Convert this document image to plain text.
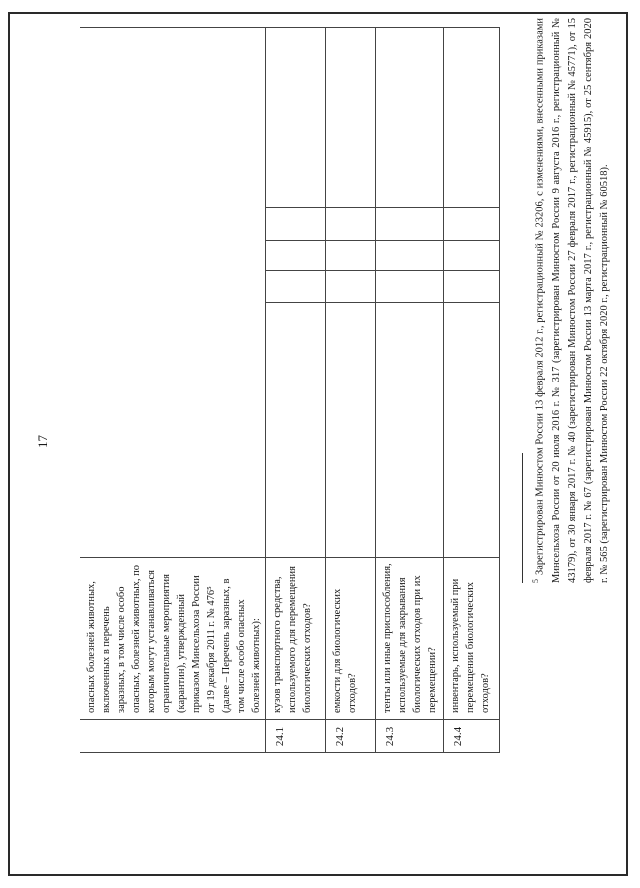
17
опасных болезней животных, включенных в перечень заразных, в том числе особо опасных, болезней животных, по которым могут устанавливаться ограничительные мероприятия (карантин), утвержденный приказом Минсельхоза России от 19 декабря 2011 г. № 476⁵ (далее – Перечень заразных, в том числе особо опасных болезней животных):
24.1
кузов транспортного средства, используемого для перемещения биологических отходов?
24.2
емкости для биологических отходов?
24.3
тенты или иные приспособления, используемые для закрывания биологических отходов при их перемещении?
24.4
инвентарь, используемый при перемещении биологических отходов?
$^5$Зарегистрирован Минюстом России 13 февраля 2012 г., регистрационный № 23206, с изменениями, внесенными приказами Минсельхоза России от 20 июля 2016 г. № 317 (зарегистрирован Минюстом России 9 августа 2016 г., регистрационный № 43179), от 30 января 2017 г. № 40 (зарегистрирован Минюстом России 27 февраля 2017 г., регистрационный № 45771), от 15 февраля 2017 г. № 67 (зарегистрирован Минюстом России 13 марта 2017 г., регистрационный № 45915), от 25 сентября 2020 г. № 565 (зарегистрирован Минюстом России 22 октября 2020 г., регистрационный № 60518).
